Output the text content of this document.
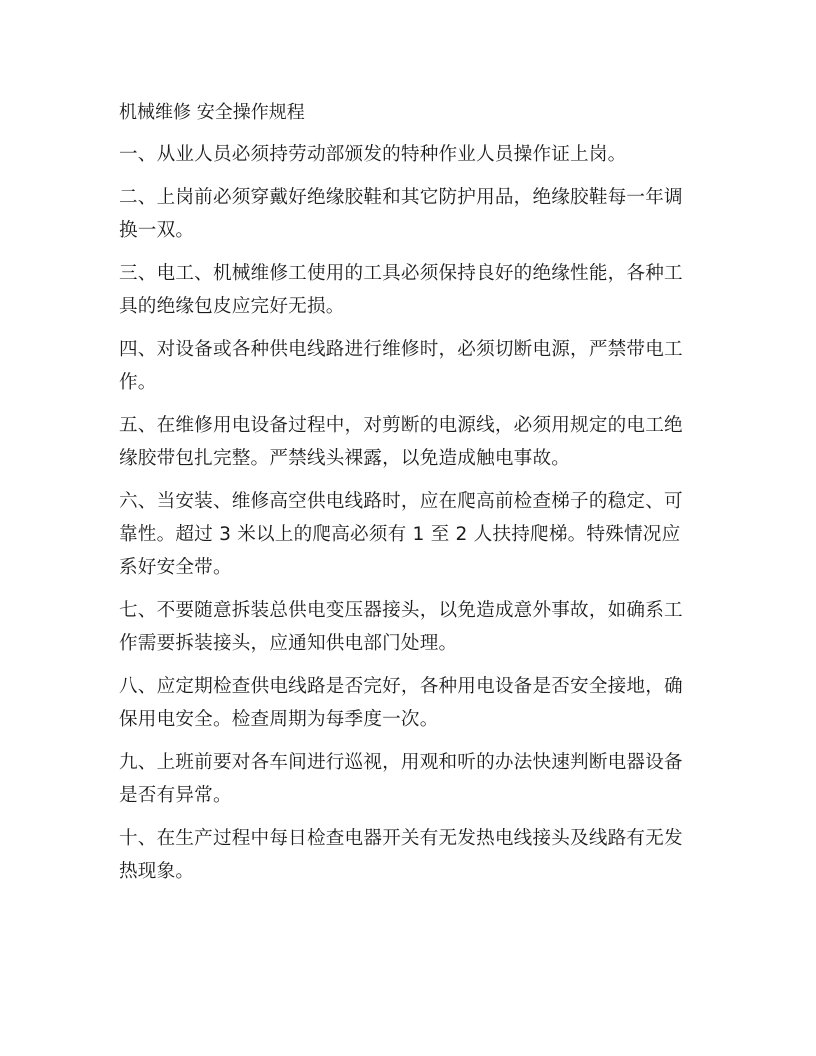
机械维修 安全操作规程

一、从业人员必须持劳动部颁发的特种作业人员操作证上岗。

二、上岗前必须穿戴好绝缘胶鞋和其它防护用品，绝缘胶鞋每一年调换一双。

三、电工、机械维修工使用的工具必须保持良好的绝缘性能，各种工具的绝缘包皮应完好无损。

四、对设备或各种供电线路进行维修时，必须切断电源，严禁带电工作。

五、在维修用电设备过程中，对剪断的电源线，必须用规定的电工绝缘胶带包扎完整。严禁线头裸露，以免造成触电事故。

六、当安装、维修高空供电线路时，应在爬高前检查梯子的稳定、可靠性。超过 3 米以上的爬高必须有 1 至 2 人扶持爬梯。特殊情况应系好安全带。

七、不要随意拆装总供电变压器接头，以免造成意外事故，如确系工作需要拆装接头，应通知供电部门处理。

八、应定期检查供电线路是否完好，各种用电设备是否安全接地，确保用电安全。检查周期为每季度一次。

九、上班前要对各车间进行巡视，用观和听的办法快速判断电器设备是否有异常。

十、在生产过程中每日检查电器开关有无发热电线接头及线路有无发热现象。
